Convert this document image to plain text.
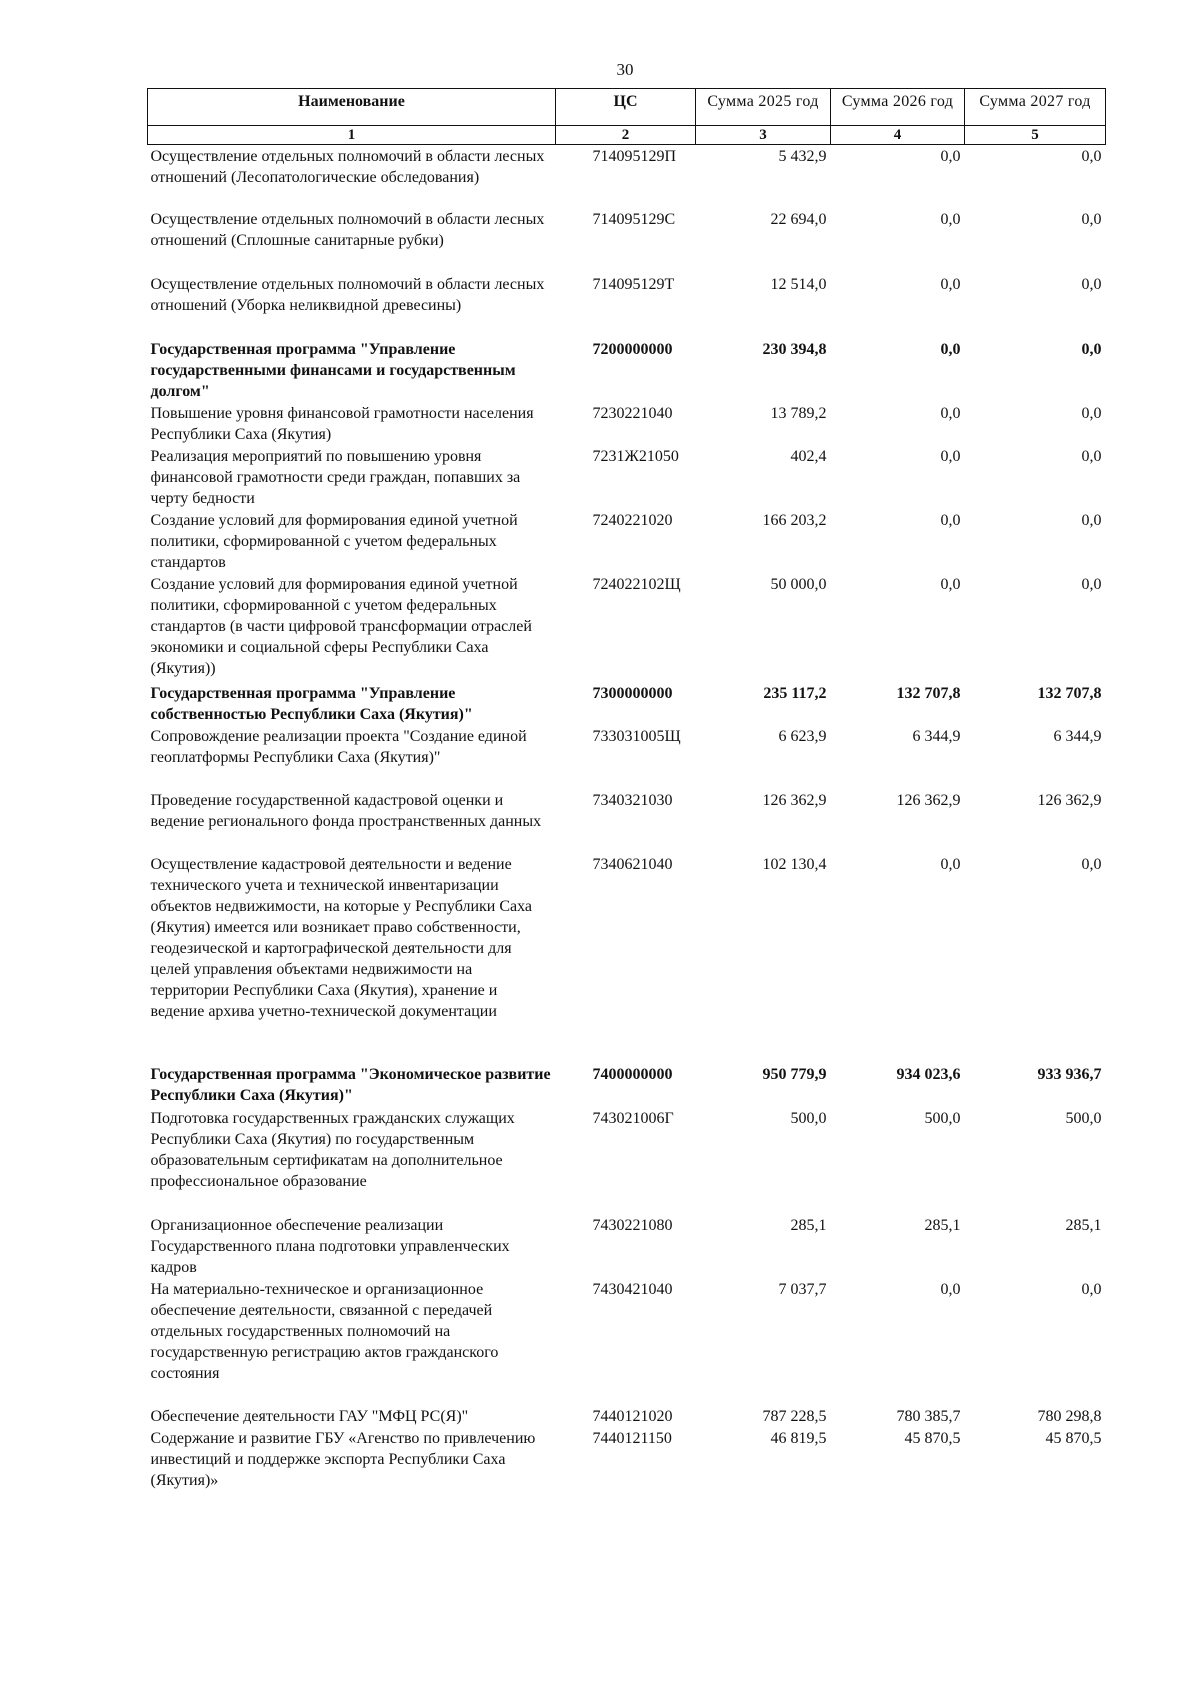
30
Наименование	ЦС	Сумма 2025 год	Сумма 2026 год	Сумма 2027 год
1	2	3	4	5
Осуществление отдельных полномочий в области лесных отношений (Лесопатологические обследования)	714095129П	5 432,9	0,0	0,0
Осуществление отдельных полномочий в области лесных отношений (Сплошные санитарные рубки)	714095129С	22 694,0	0,0	0,0
Осуществление отдельных полномочий в области лесных отношений (Уборка неликвидной древесины)	714095129Т	12 514,0	0,0	0,0
Государственная программа "Управление государственными финансами и государственным долгом"	7200000000	230 394,8	0,0	0,0
Повышение уровня финансовой грамотности населения Республики Саха (Якутия)	7230221040	13 789,2	0,0	0,0
Реализация мероприятий по повышению уровня финансовой грамотности среди граждан, попавших за черту бедности	7231Ж21050	402,4	0,0	0,0
Создание условий для формирования единой учетной политики, сформированной с учетом федеральных стандартов	7240221020	166 203,2	0,0	0,0
Создание условий для формирования единой учетной политики, сформированной с учетом федеральных стандартов (в части цифровой трансформации отраслей экономики и социальной сферы Республики Саха (Якутия))	724022102Щ	50 000,0	0,0	0,0
Государственная программа "Управление собственностью Республики Саха (Якутия)"	7300000000	235 117,2	132 707,8	132 707,8
Сопровождение реализации проекта "Создание единой геоплатформы Республики Саха (Якутия)"	733031005Щ	6 623,9	6 344,9	6 344,9
Проведение государственной кадастровой оценки и ведение регионального фонда пространственных данных	7340321030	126 362,9	126 362,9	126 362,9
Осуществление кадастровой деятельности и ведение технического учета и технической инвентаризации объектов недвижимости, на которые у Республики Саха (Якутия) имеется или возникает право собственности, геодезической и картографической деятельности для целей управления объектами недвижимости на территории Республики Саха (Якутия), хранение и ведение архива учетно-технической документации	7340621040	102 130,4	0,0	0,0
Государственная программа "Экономическое развитие Республики Саха (Якутия)"	7400000000	950 779,9	934 023,6	933 936,7
Подготовка государственных гражданских служащих Республики Саха (Якутия) по государственным образовательным сертификатам на дополнительное профессиональное образование	743021006Г	500,0	500,0	500,0
Организационное обеспечение реализации Государственного плана подготовки управленческих кадров	7430221080	285,1	285,1	285,1
На материально-техническое и организационное обеспечение деятельности, связанной с передачей отдельных государственных полномочий на государственную регистрацию актов гражданского состояния	7430421040	7 037,7	0,0	0,0
Обеспечение деятельности ГАУ "МФЦ РС(Я)"	7440121020	787 228,5	780 385,7	780 298,8
Содержание и развитие ГБУ «Агенство по привлечению инвестиций и поддержке экспорта Республики Саха (Якутия)»	7440121150	46 819,5	45 870,5	45 870,5
